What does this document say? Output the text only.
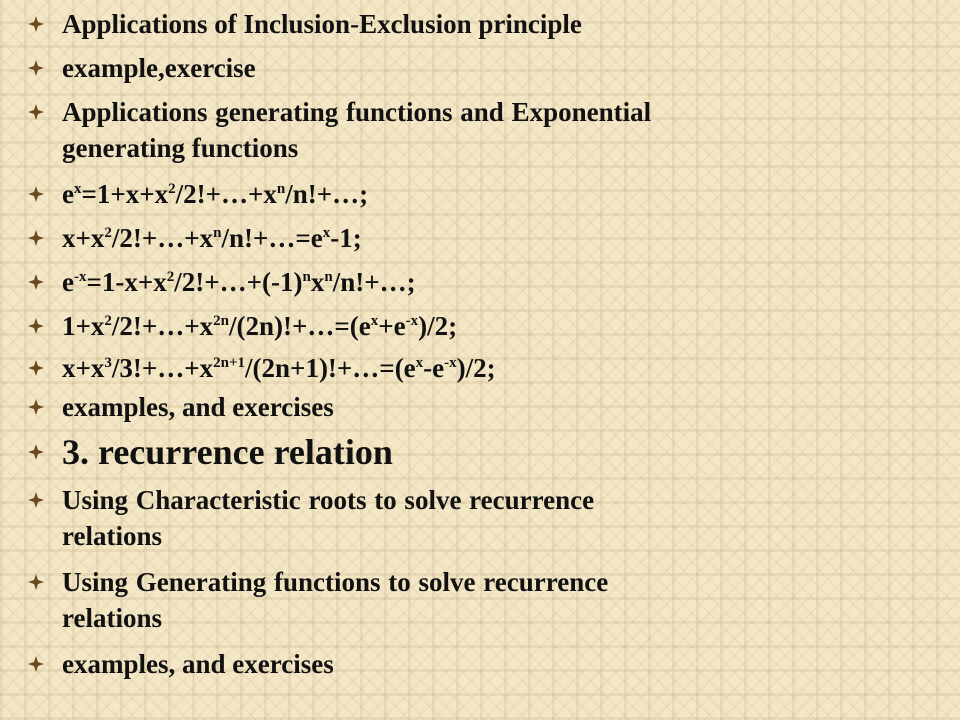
Applications of Inclusion-Exclusion principle
example,exercise
Applications generating functions and Exponential
generating functions
$e^x=1+x+x^2/2!+\dots+x^n/n!+\dots$;
$x+x^2/2!+\dots+x^n/n!+\dots=e^x-1$;
$e^{-x}=1-x+x^2/2!+\dots+(-1)^nx^n/n!+\dots$;
$1+x^2/2!+\dots+x^{2n}/(2n)!+\dots=(e^x+e^{-x})/2$;
$x+x^3/3!+\dots+x^{2n+1}/(2n+1)!+\dots=(e^x-e^{-x})/2$;
examples, and exercises
3. recurrence relation
Using Characteristic roots to solve recurrence
relations
Using Generating functions to solve recurrence
relations
examples, and exercises
